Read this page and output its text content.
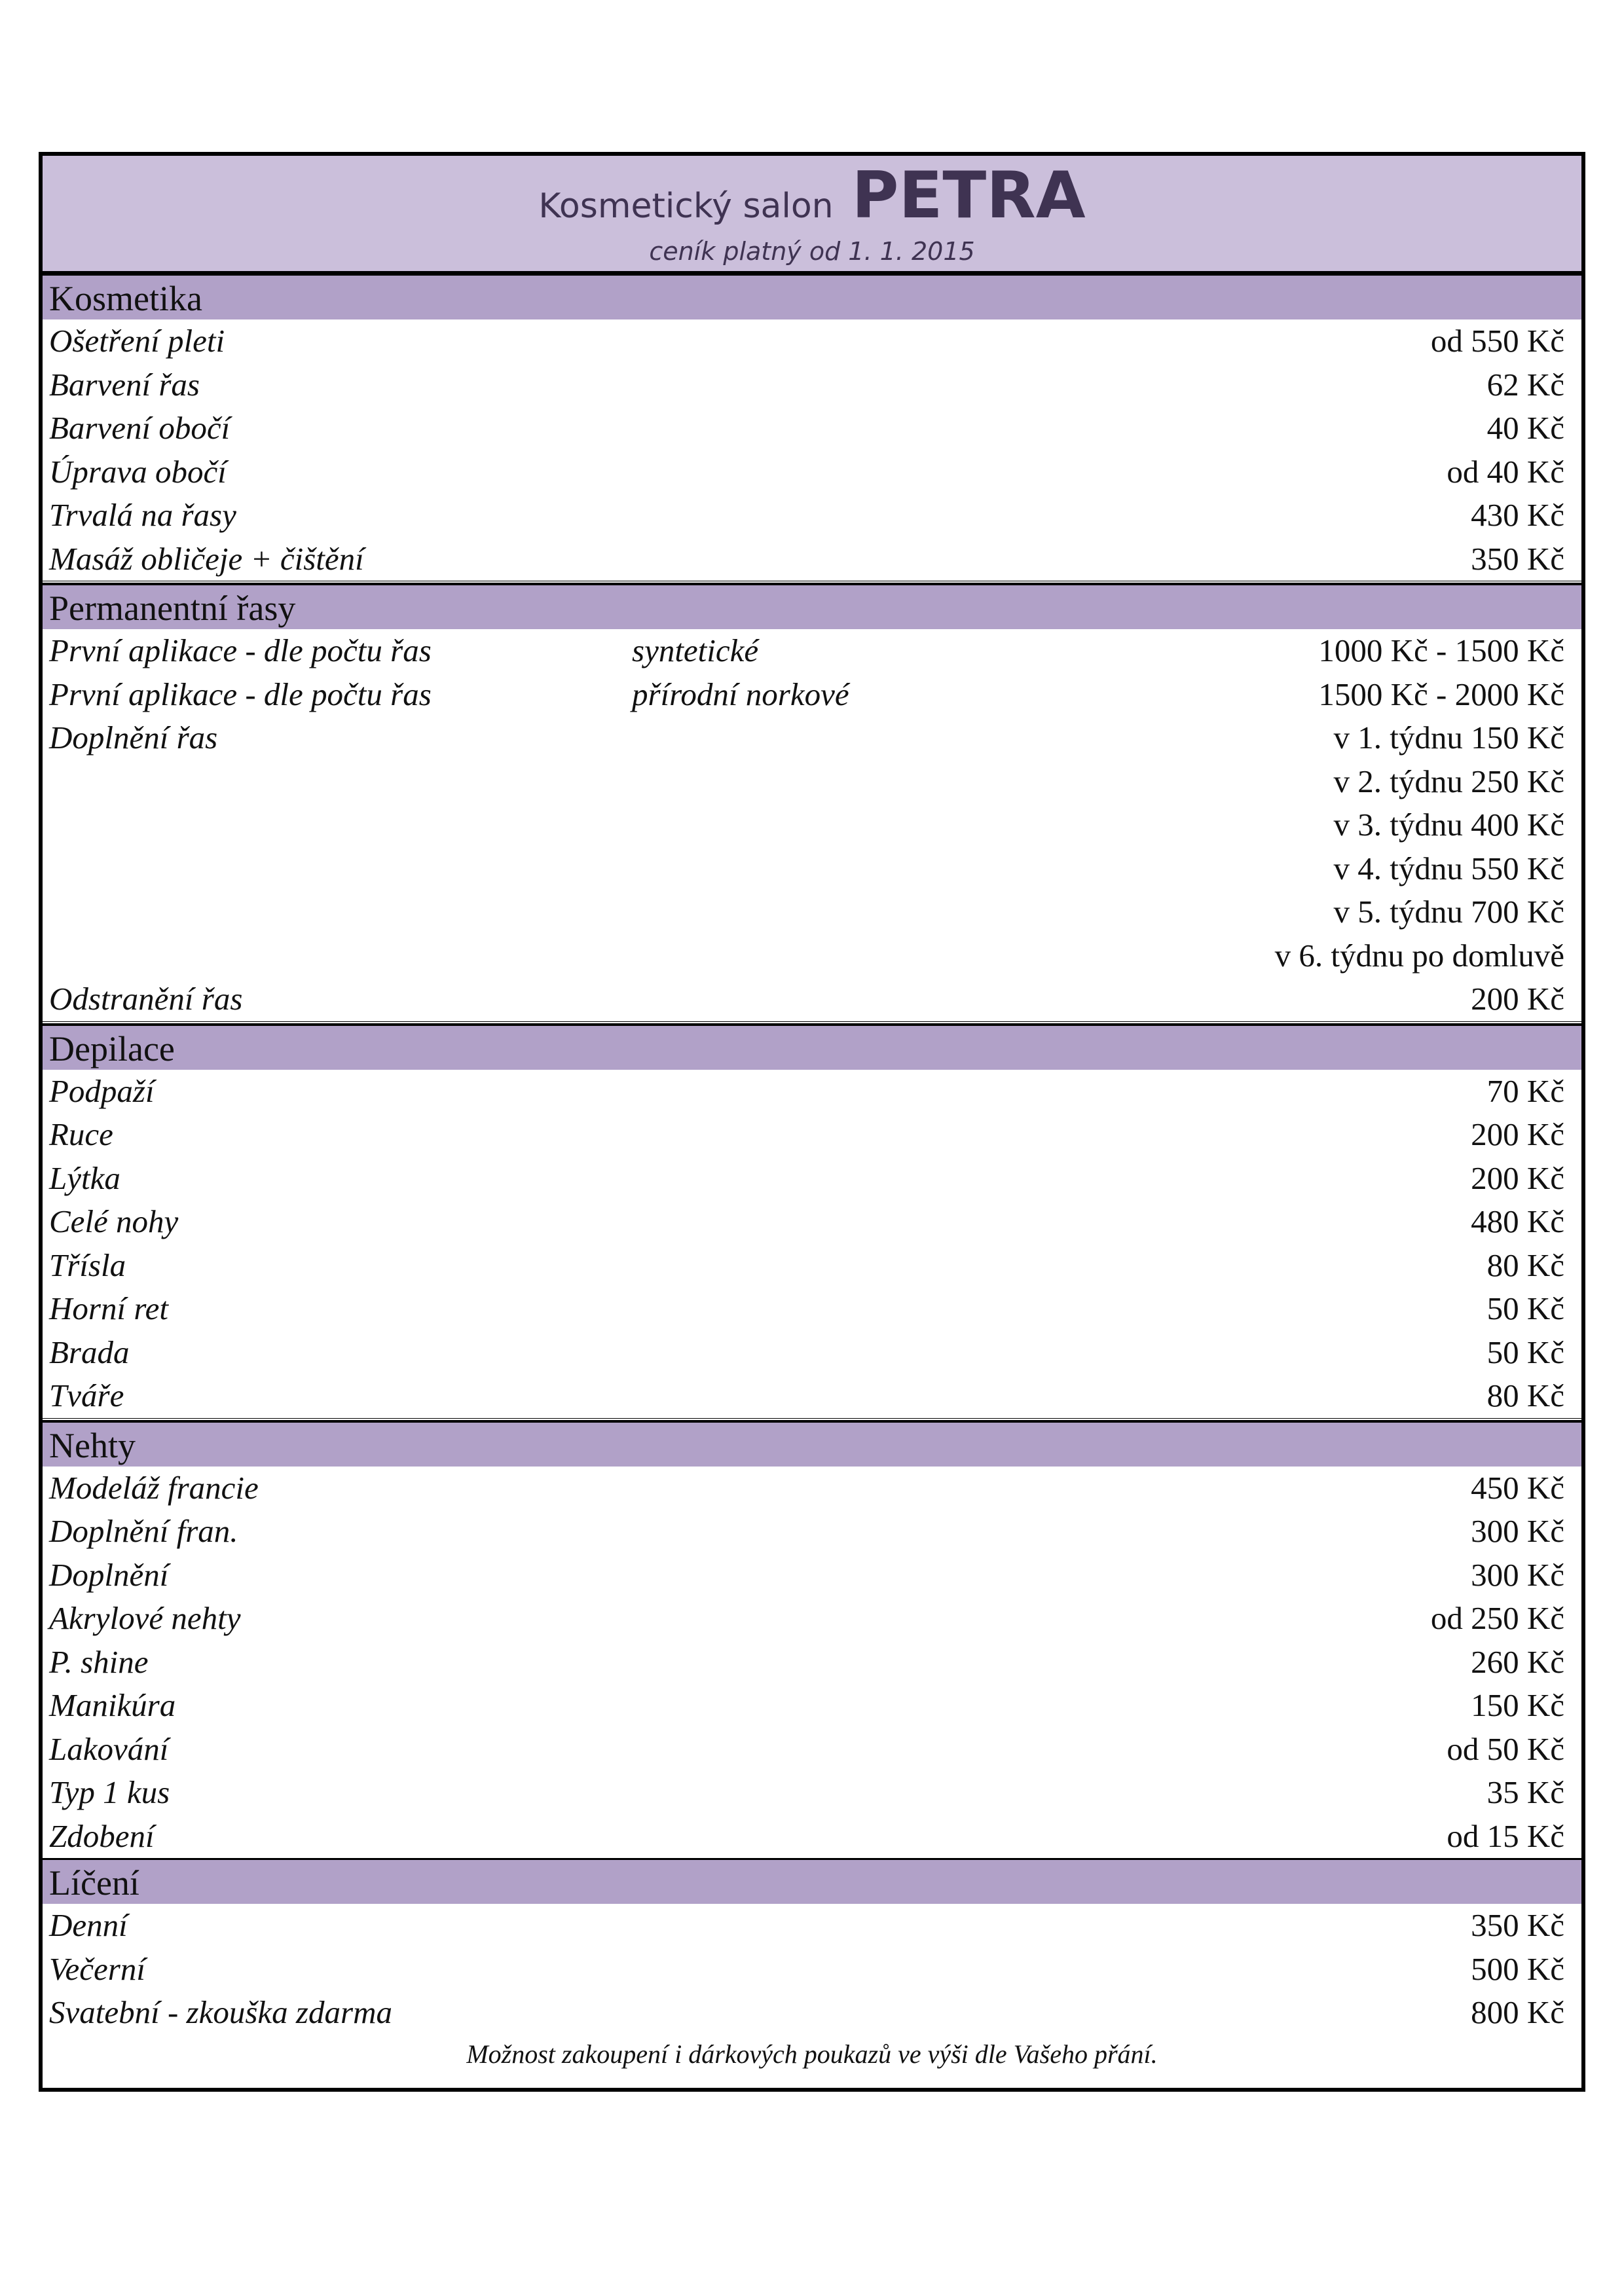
Kosmetický salon PETRA
ceník platný od 1. 1. 2015
Kosmetika
Ošetření pleti	od 550 Kč
Barvení řas	62 Kč
Barvení obočí	40 Kč
Úprava obočí	od 40 Kč
Trvalá na řasy	430 Kč
Masáž obličeje + čištění	350 Kč
Permanentní řasy
První aplikace - dle počtu řas	syntetické	1000 Kč - 1500 Kč
První aplikace - dle počtu řas	přírodní norkové	1500 Kč - 2000 Kč
Doplnění řas	v 1. týdnu 150 Kč
v 2. týdnu 250 Kč
v 3. týdnu 400 Kč
v 4. týdnu 550 Kč
v 5. týdnu 700 Kč
v 6. týdnu po domluvě
Odstranění řas	200 Kč
Depilace
Podpaží	70 Kč
Ruce	200 Kč
Lýtka	200 Kč
Celé nohy	480 Kč
Třísla	80 Kč
Horní ret	50 Kč
Brada	50 Kč
Tváře	80 Kč
Nehty
Modeláž francie	450 Kč
Doplnění fran.	300 Kč
Doplnění	300 Kč
Akrylové nehty	od 250 Kč
P. shine	260 Kč
Manikúra	150 Kč
Lakování	od 50 Kč
Typ 1 kus	35 Kč
Zdobení	od 15 Kč
Líčení
Denní	350 Kč
Večerní	500 Kč
Svatební - zkouška zdarma	800 Kč
Možnost zakoupení i dárkových poukazů ve výši dle Vašeho přání.
